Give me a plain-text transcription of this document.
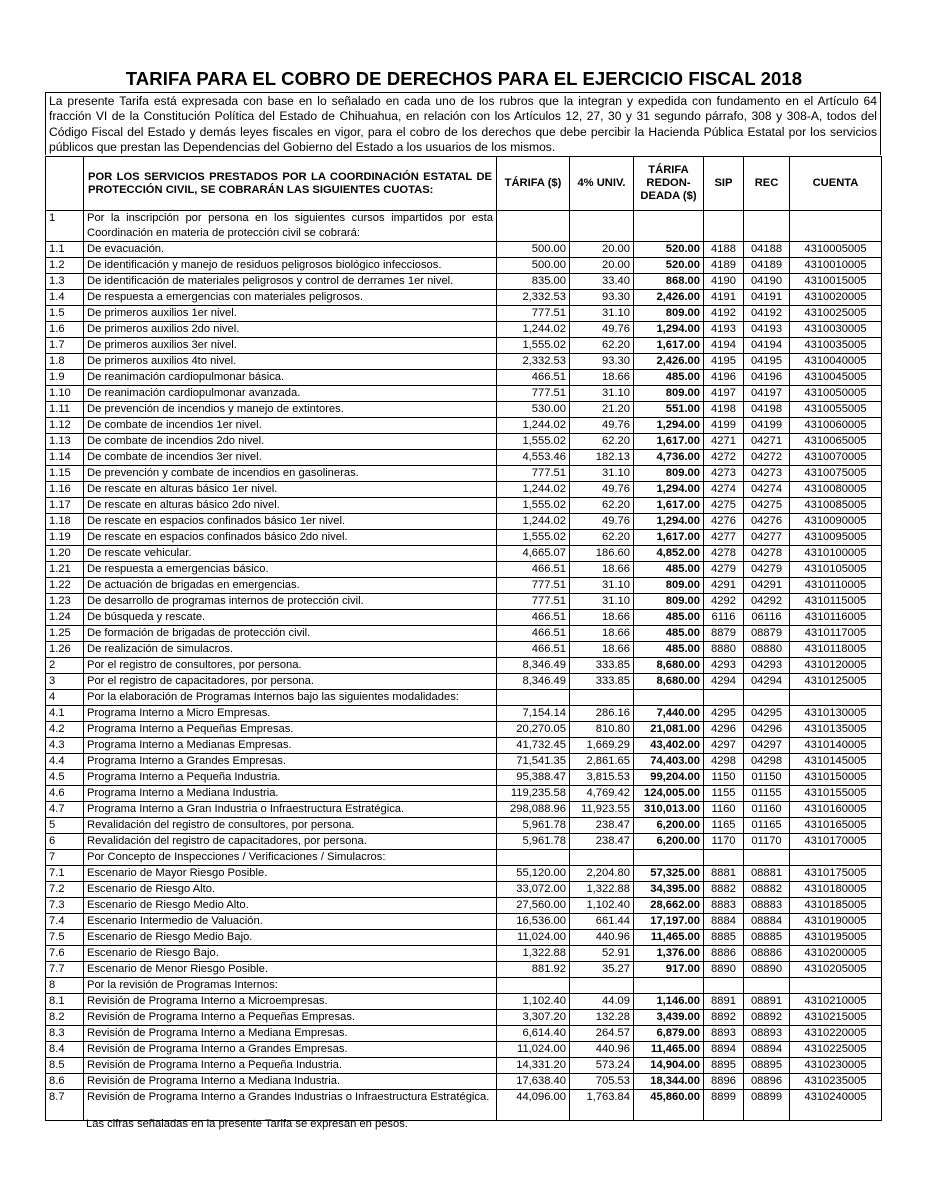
TARIFA PARA EL COBRO DE DERECHOS PARA EL EJERCICIO FISCAL 2018
La presente Tarifa está expresada con base en lo señalado en cada uno de los rubros que la integran y expedida con fundamento en el Artículo 64 fracción VI de la Constitución Política del Estado de Chihuahua, en relación con los Artículos 12, 27, 30 y 31 segundo párrafo, 308 y 308-A, todos del Código Fiscal del Estado y demás leyes fiscales en vigor, para el cobro de los derechos que debe percibir la Hacienda Pública Estatal por los servicios públicos que prestan las Dependencias del Gobierno del Estado a los usuarios de los mismos.
	POR LOS SERVICIOS PRESTADOS POR LA COORDINACIÓN ESTATAL DE PROTECCIÓN CIVIL, SE COBRARÁN LAS SIGUIENTES CUOTAS:	TÁRIFA ($)	4% UNIV.	TÁRIFA REDON-DEADA ($)	SIP	REC	CUENTA
1	Por la inscripción por persona en los siguientes cursos impartidos por esta Coordinación en materia de protección civil se cobrará:						
1.1	De evacuación.	500.00	20.00	520.00	4188	04188	4310005005
1.2	De identificación y manejo de residuos peligrosos biológico infecciosos.	500.00	20.00	520.00	4189	04189	4310010005
1.3	De identificación de materiales peligrosos y control de derrames 1er nivel.	835.00	33.40	868.00	4190	04190	4310015005
1.4	De respuesta a emergencias con materiales peligrosos.	2,332.53	93.30	2,426.00	4191	04191	4310020005
1.5	De primeros auxilios 1er nivel.	777.51	31.10	809.00	4192	04192	4310025005
1.6	De primeros auxilios 2do nivel.	1,244.02	49.76	1,294.00	4193	04193	4310030005
1.7	De primeros auxilios 3er nivel.	1,555.02	62.20	1,617.00	4194	04194	4310035005
1.8	De primeros auxilios 4to nivel.	2,332.53	93.30	2,426.00	4195	04195	4310040005
1.9	De reanimación cardiopulmonar básica.	466.51	18.66	485.00	4196	04196	4310045005
1.10	De reanimación cardiopulmonar avanzada.	777.51	31.10	809.00	4197	04197	4310050005
1.11	De prevención de incendios y manejo de extintores.	530.00	21.20	551.00	4198	04198	4310055005
1.12	De combate de incendios 1er nivel.	1,244.02	49.76	1,294.00	4199	04199	4310060005
1.13	De combate de incendios 2do nivel.	1,555.02	62.20	1,617.00	4271	04271	4310065005
1.14	De combate de incendios 3er nivel.	4,553.46	182.13	4,736.00	4272	04272	4310070005
1.15	De prevención y combate de incendios en gasolineras.	777.51	31.10	809.00	4273	04273	4310075005
1.16	De rescate en alturas básico 1er nivel.	1,244.02	49.76	1,294.00	4274	04274	4310080005
1.17	De rescate en alturas básico 2do nivel.	1,555.02	62.20	1,617.00	4275	04275	4310085005
1.18	De rescate en espacios confinados básico 1er nivel.	1,244.02	49.76	1,294.00	4276	04276	4310090005
1.19	De rescate en espacios confinados básico 2do nivel.	1,555.02	62.20	1,617.00	4277	04277	4310095005
1.20	De rescate vehicular.	4,665.07	186.60	4,852.00	4278	04278	4310100005
1.21	De respuesta a emergencias básico.	466.51	18.66	485.00	4279	04279	4310105005
1.22	De actuación de brigadas en emergencias.	777.51	31.10	809.00	4291	04291	4310110005
1.23	De desarrollo de programas internos de protección civil.	777.51	31.10	809.00	4292	04292	4310115005
1.24	De búsqueda y rescate.	466.51	18.66	485.00	6116	06116	4310116005
1.25	De formación de brigadas de protección civil.	466.51	18.66	485.00	8879	08879	4310117005
1.26	De realización de simulacros.	466.51	18.66	485.00	8880	08880	4310118005
2	Por el registro de consultores, por persona.	8,346.49	333.85	8,680.00	4293	04293	4310120005
3	Por el registro de capacitadores, por persona.	8,346.49	333.85	8,680.00	4294	04294	4310125005
4	Por la elaboración de Programas Internos bajo las siguientes modalidades:						
4.1	Programa Interno a Micro Empresas.	7,154.14	286.16	7,440.00	4295	04295	4310130005
4.2	Programa Interno a Pequeñas Empresas.	20,270.05	810.80	21,081.00	4296	04296	4310135005
4.3	Programa Interno a Medianas Empresas.	41,732.45	1,669.29	43,402.00	4297	04297	4310140005
4.4	Programa Interno a Grandes Empresas.	71,541.35	2,861.65	74,403.00	4298	04298	4310145005
4.5	Programa Interno a Pequeña Industria.	95,388.47	3,815.53	99,204.00	1150	01150	4310150005
4.6	Programa Interno a Mediana Industria.	119,235.58	4,769.42	124,005.00	1155	01155	4310155005
4.7	Programa Interno a Gran Industria o Infraestructura Estratégica.	298,088.96	11,923.55	310,013.00	1160	01160	4310160005
5	Revalidación del registro de consultores, por persona.	5,961.78	238.47	6,200.00	1165	01165	4310165005
6	Revalidación del registro de capacitadores, por persona.	5,961.78	238.47	6,200.00	1170	01170	4310170005
7	Por Concepto de Inspecciones / Verificaciones / Simulacros:						
7.1	Escenario de Mayor Riesgo Posible.	55,120.00	2,204.80	57,325.00	8881	08881	4310175005
7.2	Escenario de Riesgo Alto.	33,072.00	1,322.88	34,395.00	8882	08882	4310180005
7.3	Escenario de Riesgo Medio Alto.	27,560.00	1,102.40	28,662.00	8883	08883	4310185005
7.4	Escenario Intermedio de Valuación.	16,536.00	661.44	17,197.00	8884	08884	4310190005
7.5	Escenario de Riesgo Medio Bajo.	11,024.00	440.96	11,465.00	8885	08885	4310195005
7.6	Escenario de Riesgo Bajo.	1,322.88	52.91	1,376.00	8886	08886	4310200005
7.7	Escenario de Menor Riesgo Posible.	881.92	35.27	917.00	8890	08890	4310205005
8	Por la revisión de Programas Internos:						
8.1	Revisión de Programa Interno a Microempresas.	1,102.40	44.09	1,146.00	8891	08891	4310210005
8.2	Revisión de Programa Interno a Pequeñas Empresas.	3,307.20	132.28	3,439.00	8892	08892	4310215005
8.3	Revisión de Programa Interno a Mediana Empresas.	6,614.40	264.57	6,879.00	8893	08893	4310220005
8.4	Revisión de Programa Interno a Grandes Empresas.	11,024.00	440.96	11,465.00	8894	08894	4310225005
8.5	Revisión de Programa Interno a Pequeña Industria.	14,331.20	573.24	14,904.00	8895	08895	4310230005
8.6	Revisión de Programa Interno a Mediana Industria.	17,638.40	705.53	18,344.00	8896	08896	4310235005
8.7	Revisión de Programa Interno a Grandes Industrias o Infraestructura Estratégica.	44,096.00	1,763.84	45,860.00	8899	08899	4310240005
Las cifras señaladas en la presente Tarifa se expresan en pesos.
